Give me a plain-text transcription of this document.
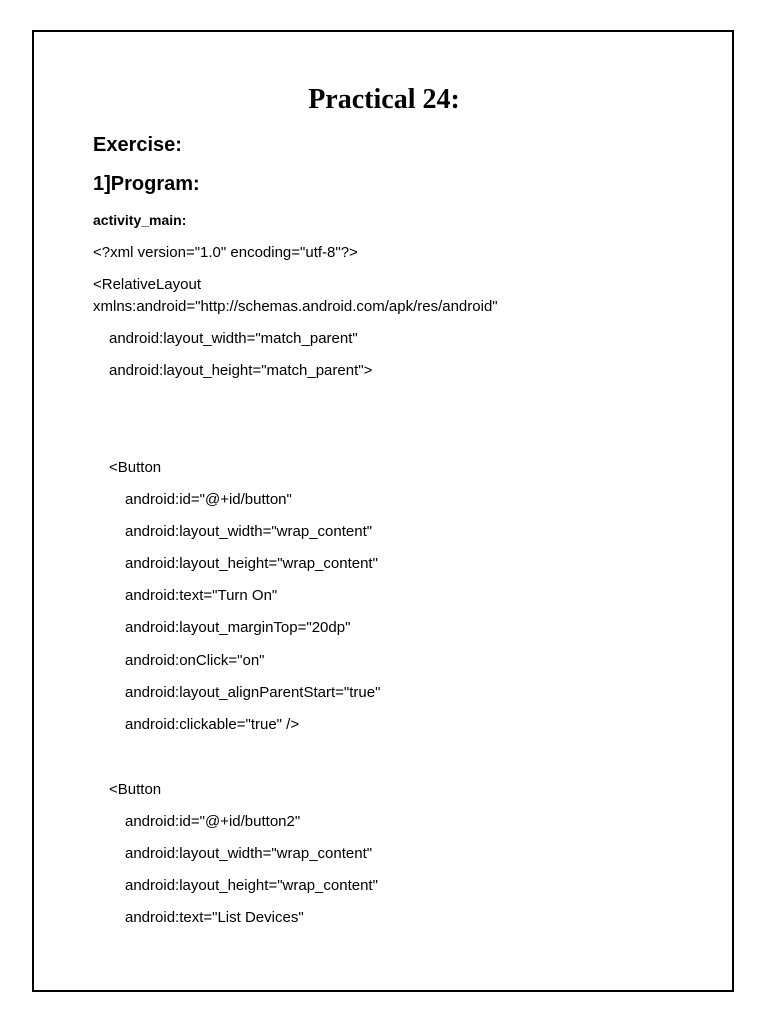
Practical 24:
Exercise:
1]Program:
activity_main:

<?xml version="1.0" encoding="utf-8"?>

<RelativeLayout

xmlns:android="http://schemas.android.com/apk/res/android"

android:layout_width="match_parent"

android:layout_height="match_parent">

<Button

android:id="@+id/button"

android:layout_width="wrap_content"

android:layout_height="wrap_content"

android:text="Turn On"

android:layout_marginTop="20dp"

android:onClick="on"

android:layout_alignParentStart="true"

android:clickable="true" />

<Button

android:id="@+id/button2"

android:layout_width="wrap_content"

android:layout_height="wrap_content"

android:text="List Devices"
